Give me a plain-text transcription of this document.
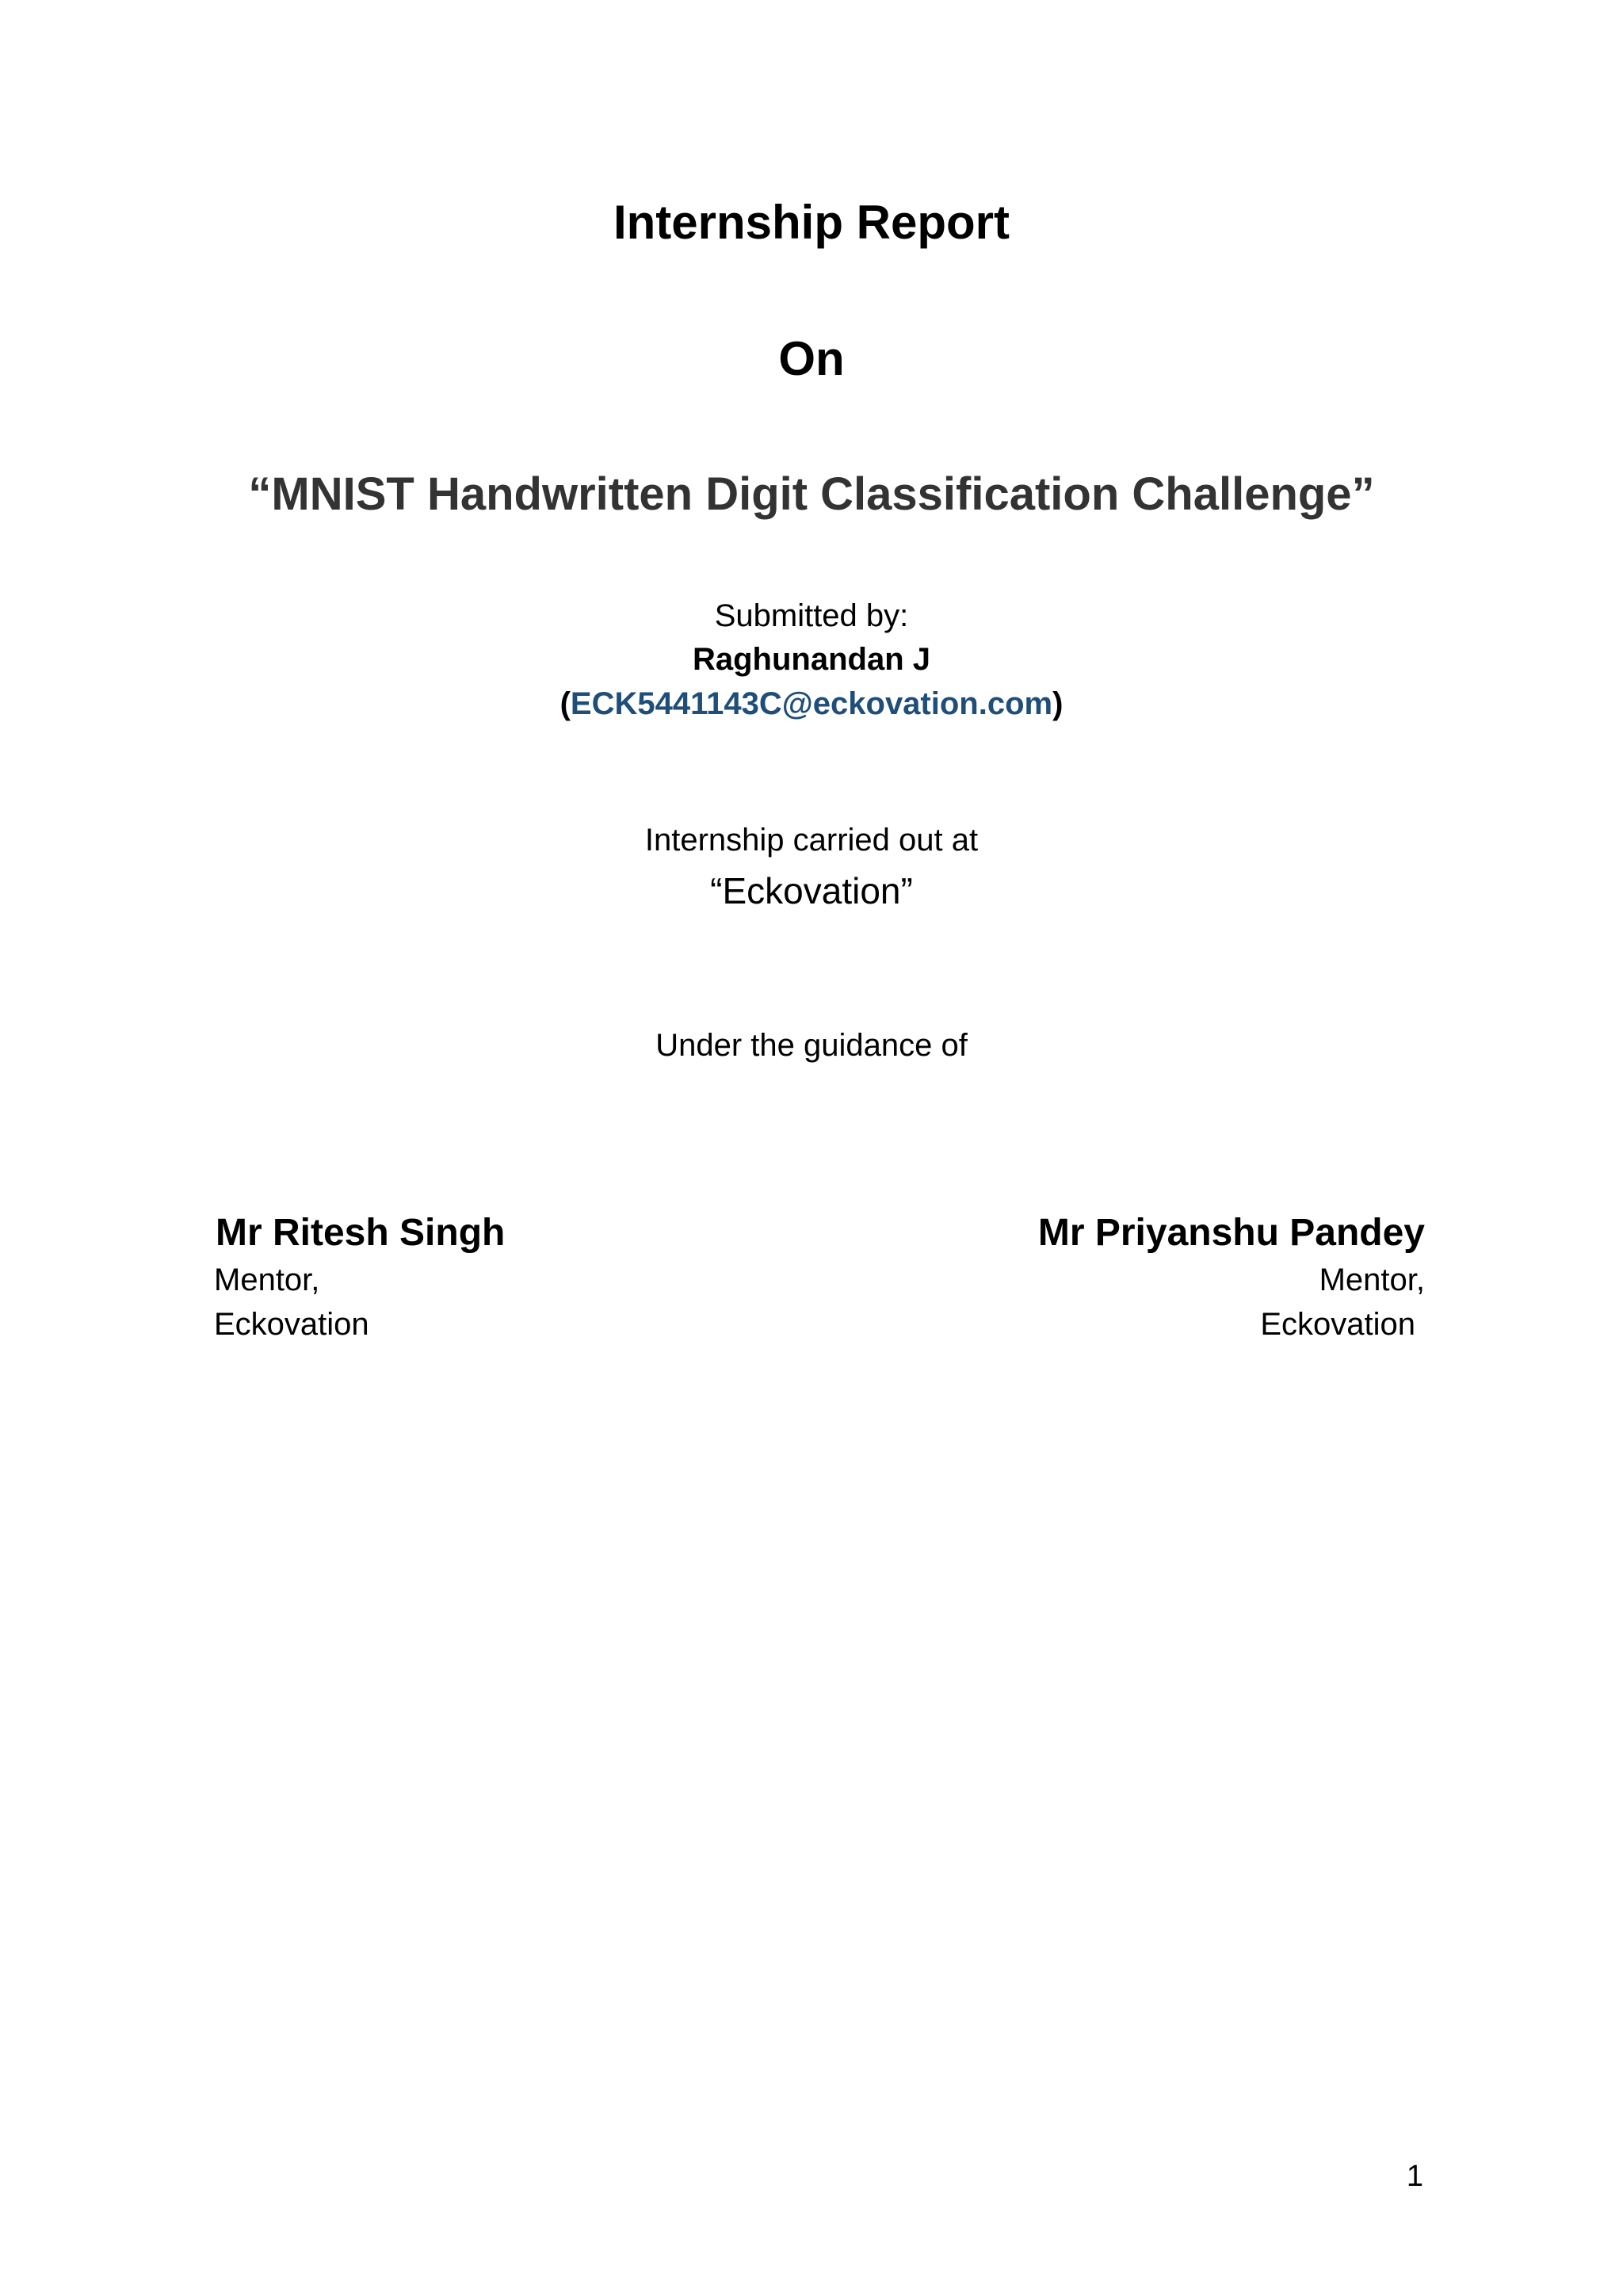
Internship Report
On
“MNIST Handwritten Digit Classification Challenge”
Submitted by:
Raghunandan J
(ECK5441143C@eckovation.com)
Internship carried out at
“Eckovation”
Under the guidance of
Mr Ritesh Singh
Mentor,
Eckovation
Mr Priyanshu Pandey
Mentor,
Eckovation
1
